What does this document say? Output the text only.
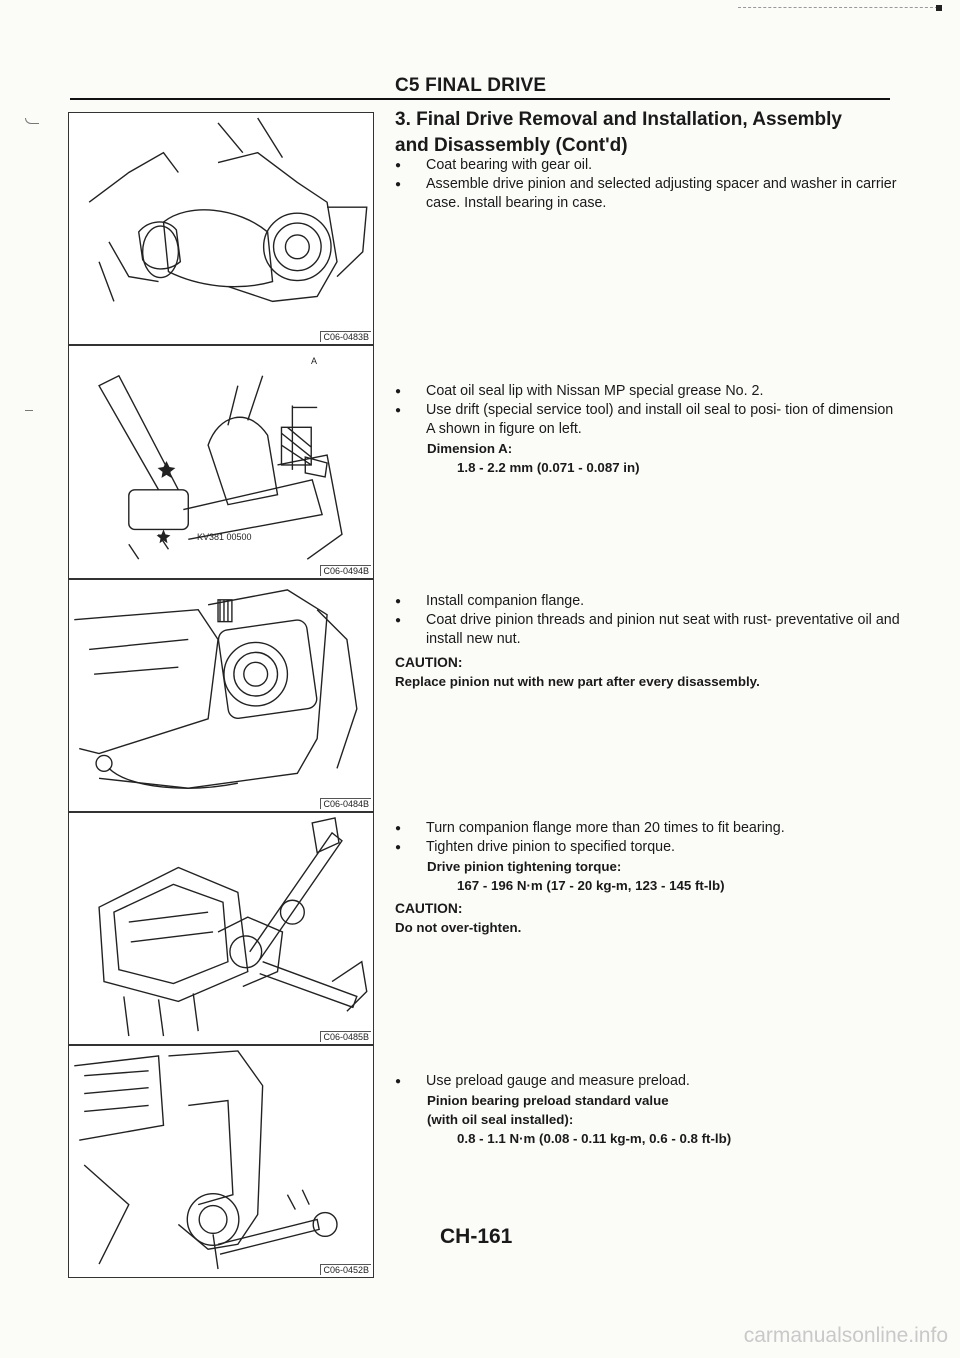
C5 FINAL DRIVE
3. Final Drive Removal and Installation, Assembly and Disassembly (Cont'd)
C06-0483B
KV381 00500
A
C06-0494B
C06-0484B
C06-0485B
C06-0452B
● Coat bearing with gear oil.
● Assemble drive pinion and selected adjusting spacer and washer in carrier case. Install bearing in case.
● Coat oil seal lip with Nissan MP special grease No. 2.
● Use drift (special service tool) and install oil seal to posi- tion of dimension A shown in figure on left.
Dimension A:
1.8 - 2.2 mm (0.071 - 0.087 in)
● Install companion flange.
● Coat drive pinion threads and pinion nut seat with rust- preventative oil and install new nut.
CAUTION:
Replace pinion nut with new part after every disassembly.
● Turn companion flange more than 20 times to fit bearing.
● Tighten drive pinion to specified torque.
Drive pinion tightening torque:
167 - 196 N·m (17 - 20 kg-m, 123 - 145 ft-lb)
CAUTION:
Do not over-tighten.
● Use preload gauge and measure preload.
Pinion bearing preload standard value
(with oil seal installed):
0.8 - 1.1 N·m (0.08 - 0.11 kg-m, 0.6 - 0.8 ft-lb)
CH-161
carmanualsonline.info
